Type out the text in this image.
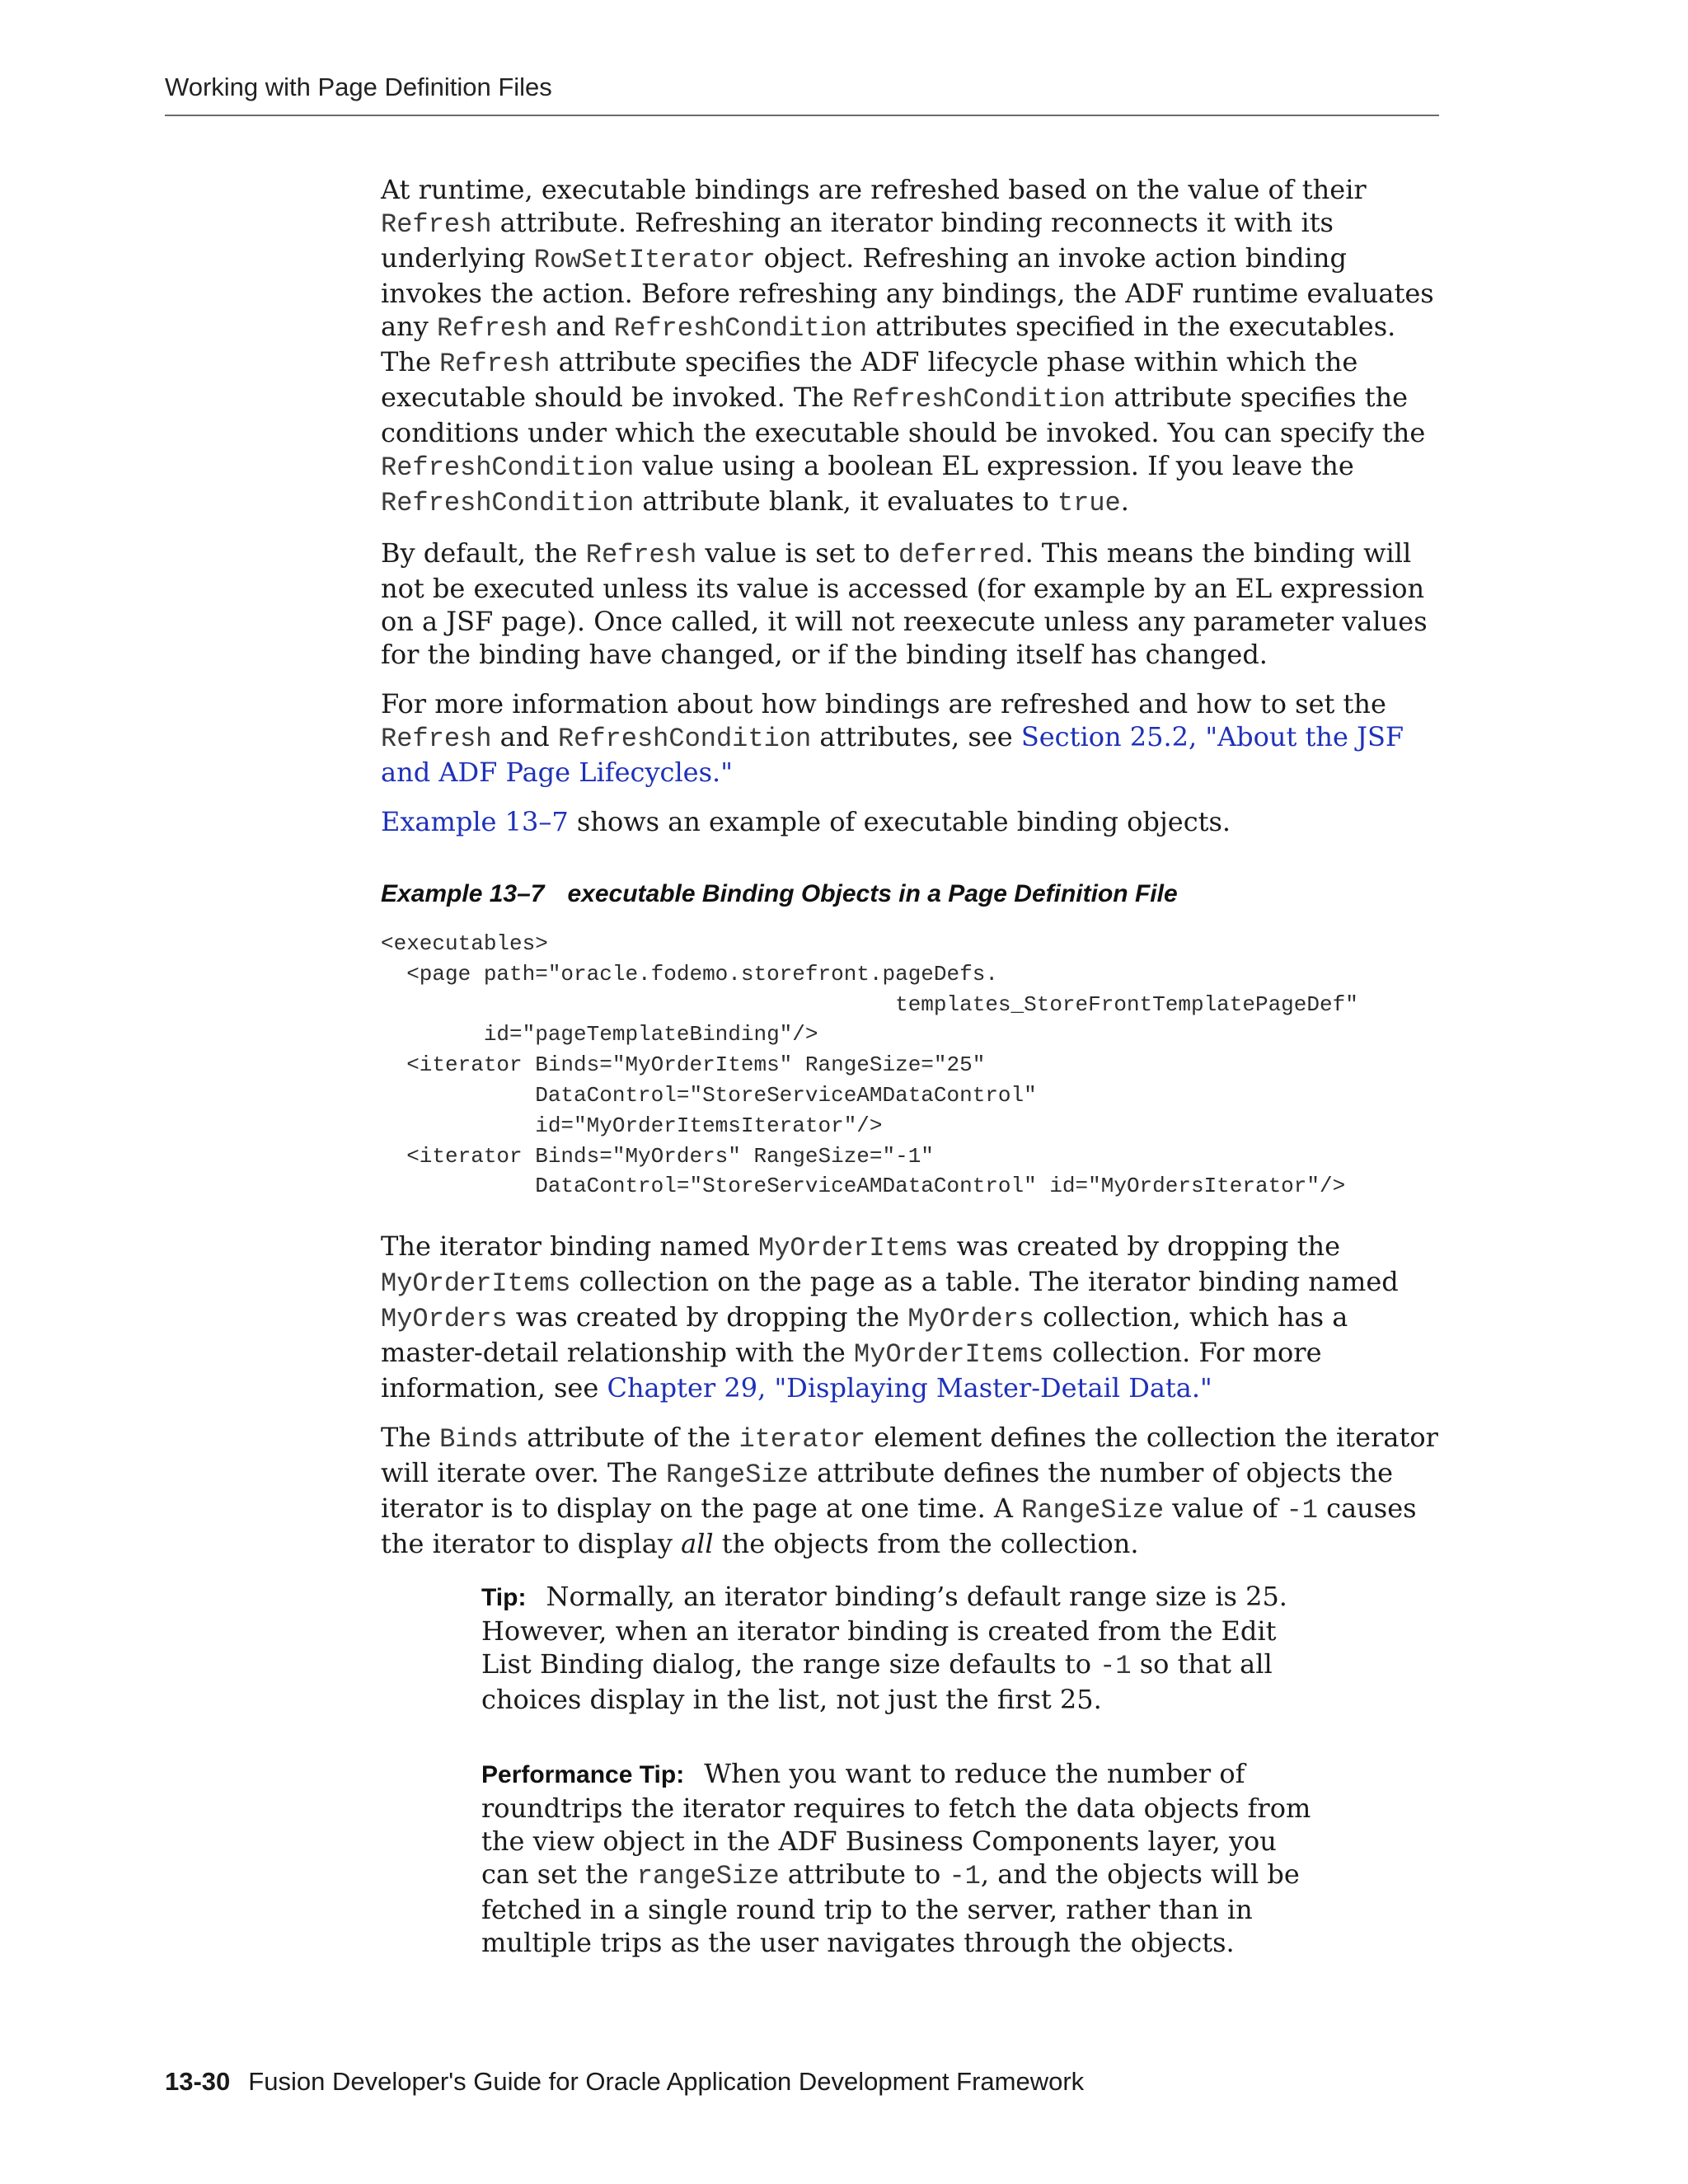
Working with Page Definition Files

At runtime, executable bindings are refreshed based on the value of their Refresh attribute. Refreshing an iterator binding reconnects it with its underlying RowSetIterator object. Refreshing an invoke action binding invokes the action. Before refreshing any bindings, the ADF runtime evaluates any Refresh and RefreshCondition attributes specified in the executables. The Refresh attribute specifies the ADF lifecycle phase within which the executable should be invoked. The RefreshCondition attribute specifies the conditions under which the executable should be invoked. You can specify the RefreshCondition value using a boolean EL expression. If you leave the RefreshCondition attribute blank, it evaluates to true.

By default, the Refresh value is set to deferred. This means the binding will not be executed unless its value is accessed (for example by an EL expression on a JSF page). Once called, it will not reexecute unless any parameter values for the binding have changed, or if the binding itself has changed.

For more information about how bindings are refreshed and how to set the Refresh and RefreshCondition attributes, see Section 25.2, "About the JSF and ADF Page Lifecycles."

Example 13–7 shows an example of executable binding objects.

Example 13–7 executable Binding Objects in a Page Definition File
<executables>
<page path="oracle.fodemo.storefront.pageDefs.
templates_StoreFrontTemplatePageDef"
id="pageTemplateBinding"/>
<iterator Binds="MyOrderItems" RangeSize="25"
DataControl="StoreServiceAMDataControl"
id="MyOrderItemsIterator"/>
<iterator Binds="MyOrders" RangeSize="-1"
DataControl="StoreServiceAMDataControl" id="MyOrdersIterator"/>

The iterator binding named MyOrderItems was created by dropping the MyOrderItems collection on the page as a table. The iterator binding named MyOrders was created by dropping the MyOrders collection, which has a master-detail relationship with the MyOrderItems collection. For more information, see Chapter 29, "Displaying Master-Detail Data."

The Binds attribute of the iterator element defines the collection the iterator will iterate over. The RangeSize attribute defines the number of objects the iterator is to display on the page at one time. A RangeSize value of -1 causes the iterator to display all the objects from the collection.

Tip: Normally, an iterator binding’s default range size is 25. However, when an iterator binding is created from the Edit List Binding dialog, the range size defaults to -1 so that all choices display in the list, not just the first 25.
Performance Tip: When you want to reduce the number of roundtrips the iterator requires to fetch the data objects from the view object in the ADF Business Components layer, you can set the rangeSize attribute to -1, and the objects will be fetched in a single round trip to the server, rather than in multiple trips as the user navigates through the objects.
13-30 Fusion Developer's Guide for Oracle Application Development Framework
